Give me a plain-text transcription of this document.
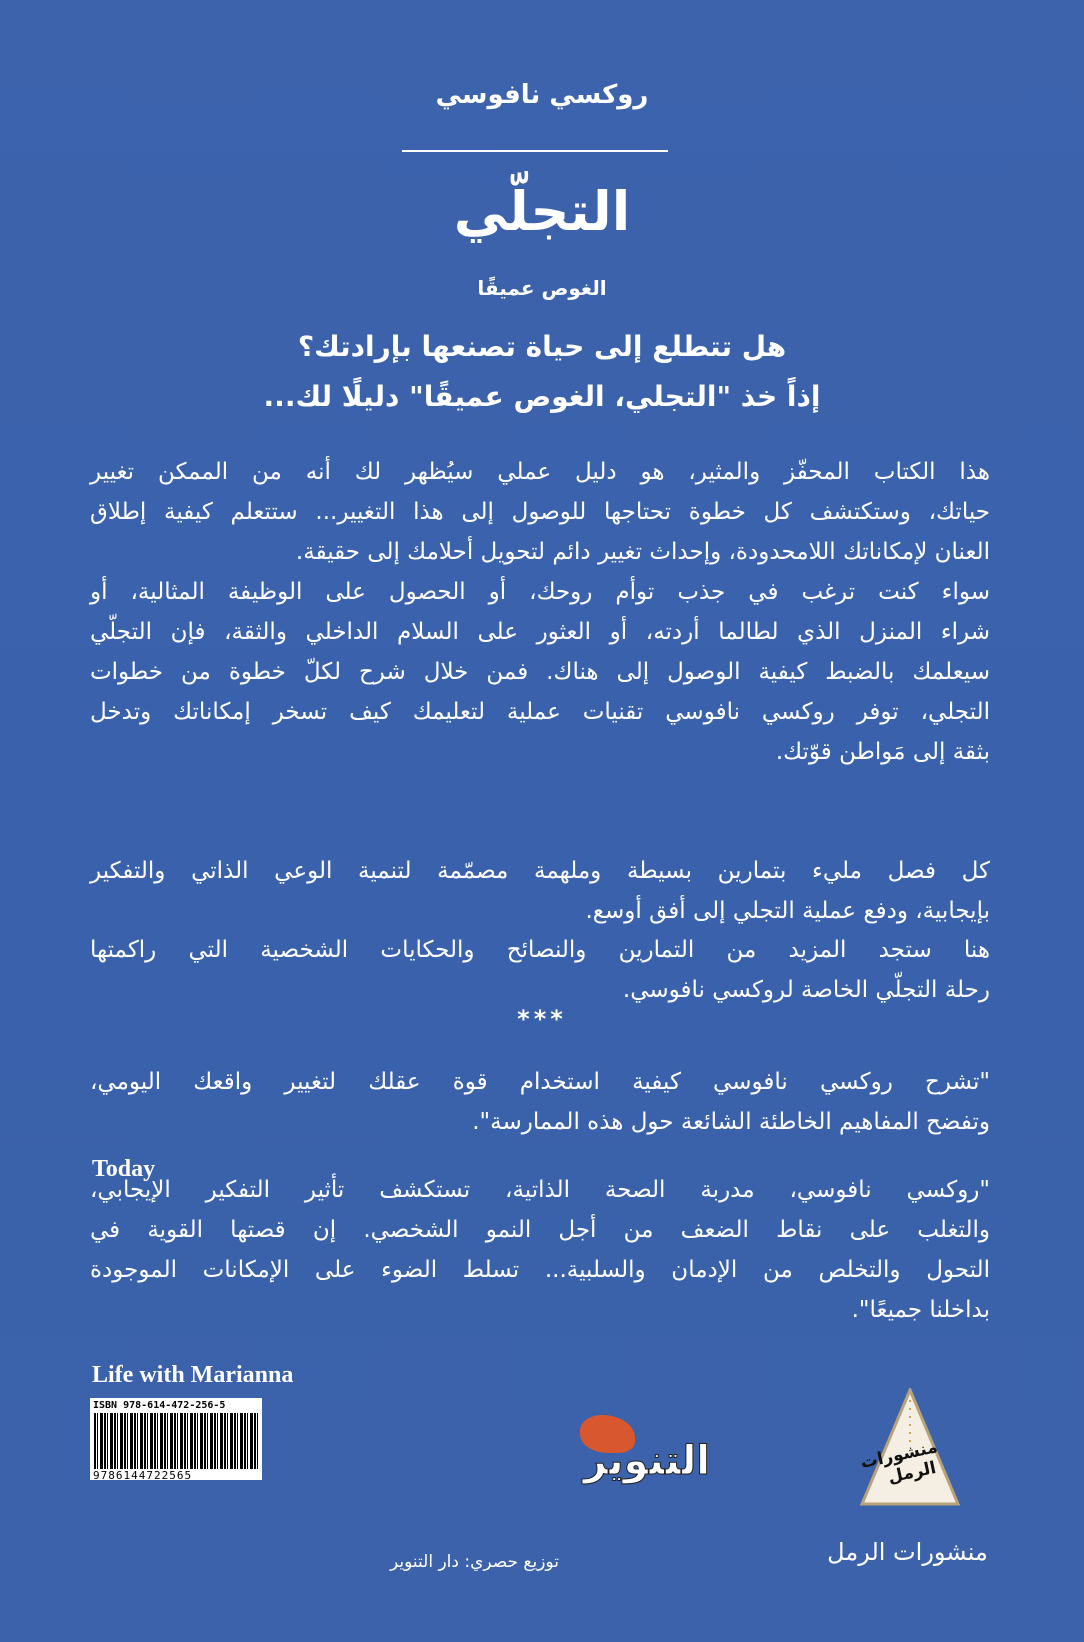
روكسي نافوسي
التجلّي
الغوص عميقًا
هل تتطلع إلى حياة تصنعها بإرادتك؟
إذاً خذ "التجلي، الغوص عميقًا" دليلًا لك...
هذا الكتاب المحفّز والمثير، هو دليل عملي سيُظهر لك أنه من الممكن تغيير
حياتك، وستكتشف كل خطوة تحتاجها للوصول إلى هذا التغيير... ستتعلم كيفية إطلاق
العنان لإمكاناتك اللامحدودة، وإحداث تغيير دائم لتحويل أحلامك إلى حقيقة.
سواء كنت ترغب في جذب توأم روحك، أو الحصول على الوظيفة المثالية، أو
شراء المنزل الذي لطالما أردته، أو العثور على السلام الداخلي والثقة، فإن التجلّي
سيعلمك بالضبط كيفية الوصول إلى هناك. فمن خلال شرح لكلّ خطوة من خطوات
التجلي، توفر روكسي نافوسي تقنيات عملية لتعليمك كيف تسخر إمكاناتك وتدخل
بثقة إلى مَواطن قوّتك.
كل فصل مليء بتمارين بسيطة وملهمة مصمّمة لتنمية الوعي الذاتي والتفكير
بإيجابية، ودفع عملية التجلي إلى أفق أوسع.
هنا ستجد المزيد من التمارين والنصائح والحكايات الشخصية التي راكمتها
رحلة التجلّي الخاصة لروكسي نافوسي.
***
"تشرح روكسي نافوسي كيفية استخدام قوة عقلك لتغيير واقعك اليومي،
وتفضح المفاهيم الخاطئة الشائعة حول هذه الممارسة".
Today
"روكسي نافوسي، مدربة الصحة الذاتية، تستكشف تأثير التفكير الإيجابي،
والتغلب على نقاط الضعف من أجل النمو الشخصي. إن قصتها القوية في
التحول والتخلص من الإدمان والسلبية... تسلط الضوء على الإمكانات الموجودة
بداخلنا جميعًا".
Life with Marianna
ISBN 978-614-472-256-5
9786144722565	التنوير
توزيع حصري: دار التنوير
منشورات الرمل
منشورات الرمل
